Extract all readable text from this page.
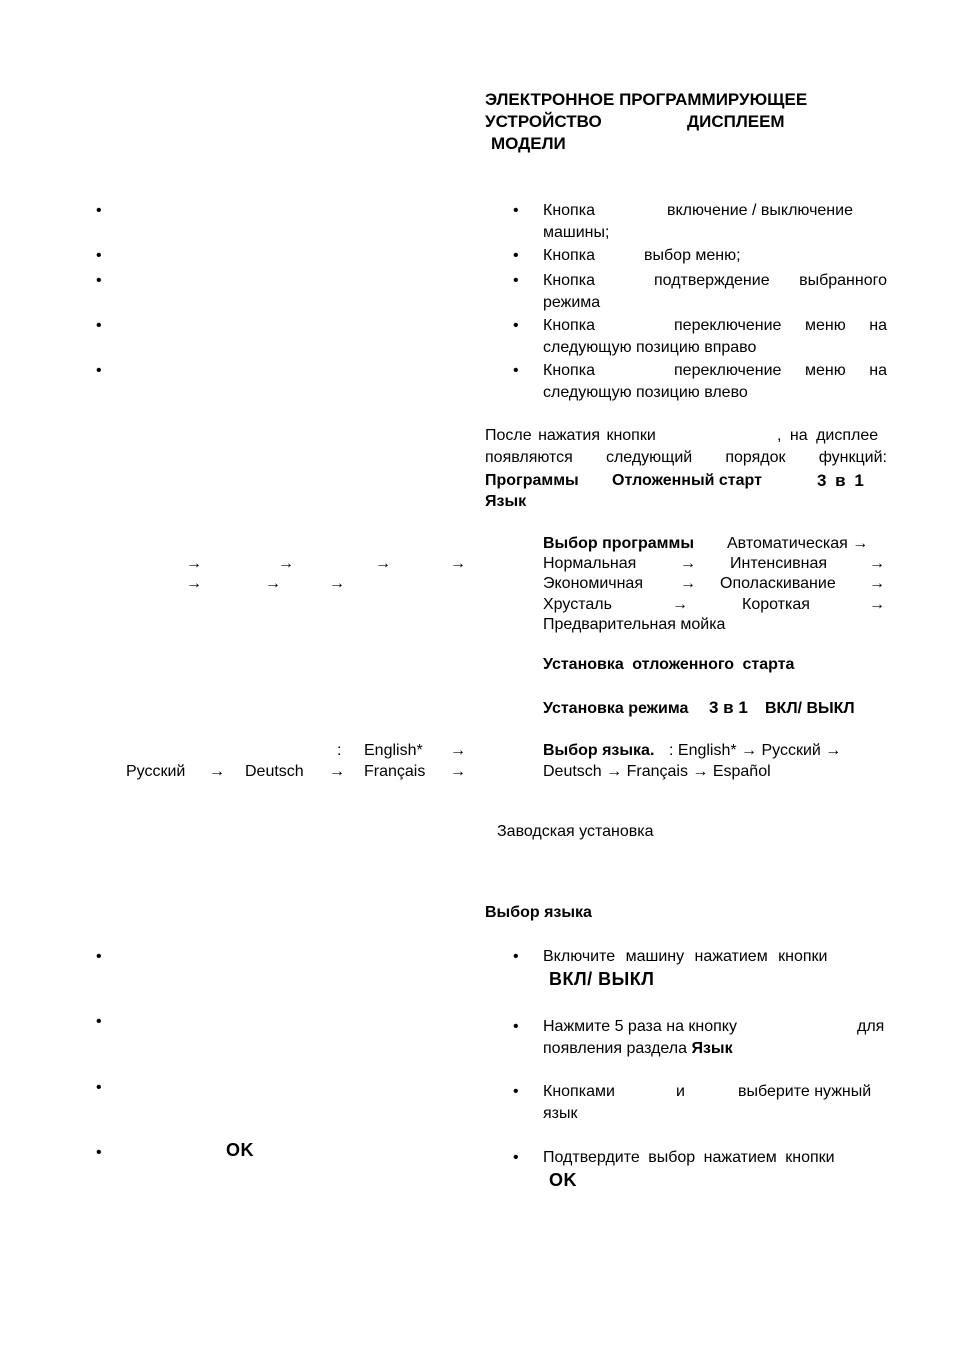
ЭЛЕКТРОННОЕ ПРОГРАММИРУЮЩЕЕ
УСТРОЙСТВО	ДИСПЛЕЕМ
МОДЕЛИ
•
•
•
•
•
• Кнопка	включение / выключение
машины;
• Кнопка	выбор меню;
• Кнопка	подтверждение выбранного
режима
• Кнопка	переключение меню на
следующую позицию вправо
• Кнопка	переключение меню на
следующую позицию влево
После нажатия кнопки	, на дисплее
появляются следующий порядок функций:
Программы Отложенный старт	3 в 1
Язык
Выбор программы Автоматическая →
Нормальная	→ Интенсивная	→
Экономичная → Ополаскивание →
Хрусталь	→	Короткая	→
Предварительная мойка
→	→	→	→
→	→	→
Установка отложенного старта
Установка режима 3 в 1 ВКЛ/ ВЫКЛ
Выбор языка. : English* → Русский →
Deutsch → Français → Español
: English* →
Русский → Deutsch → Français →
Заводская установка
Выбор языка
• Включите машину нажатием кнопки
ВКЛ/ ВЫКЛ
• Нажмите 5 раза на кнопку	для
появления раздела Язык
• Кнопками	и	выберите нужный
язык
• Подтвердите выбор нажатием кнопки
OK
•
•
•
•	OK
